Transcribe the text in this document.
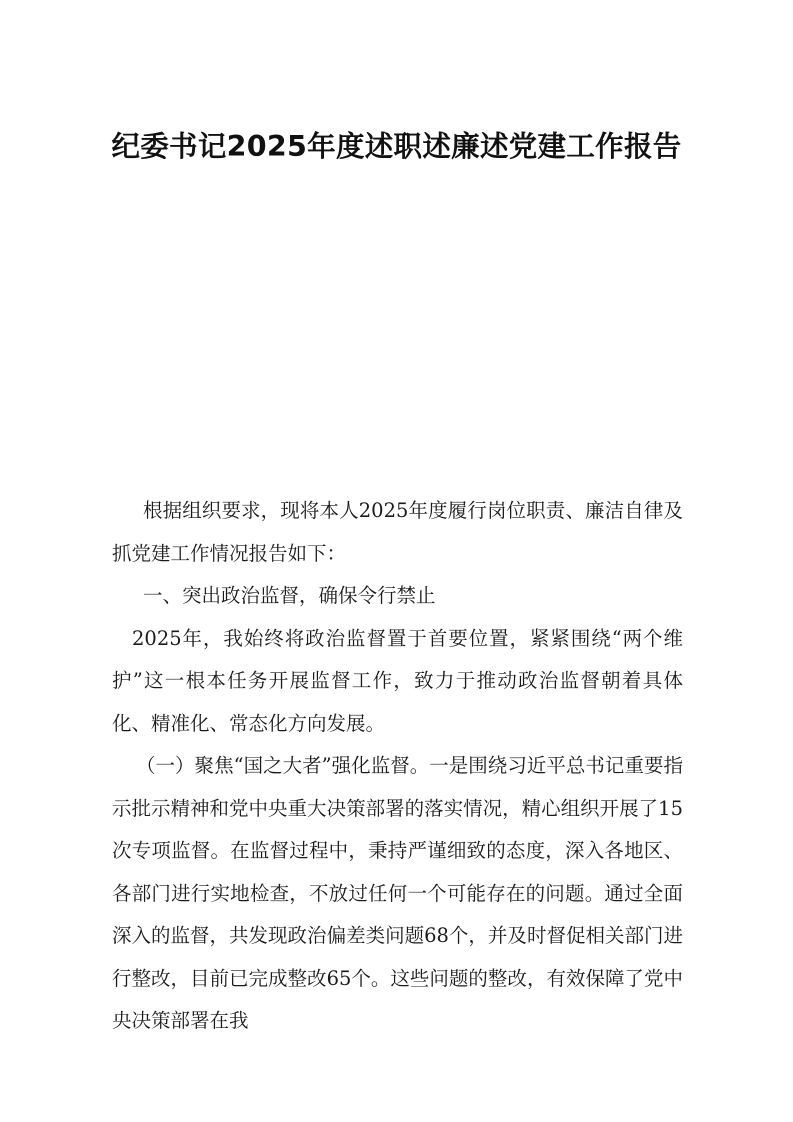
纪委书记2025年度述职述廉述党建工作报告

根据组织要求，现将本人2025年度履行岗位职责、廉洁自律及抓党建工作情况报告如下：

一、突出政治监督，确保令行禁止

2025年，我始终将政治监督置于首要位置，紧紧围绕“两个维护”这一根本任务开展监督工作，致力于推动政治监督朝着具体化、精准化、常态化方向发展。

（一）聚焦“国之大者”强化监督。一是围绕习近平总书记重要指示批示精神和党中央重大决策部署的落实情况，精心组织开展了15次专项监督。在监督过程中，秉持严谨细致的态度，深入各地区、各部门进行实地检查，不放过任何一个可能存在的问题。通过全面深入的监督，共发现政治偏差类问题68个，并及时督促相关部门进行整改，目前已完成整改65个。这些问题的整改，有效保障了党中央决策部署在我
